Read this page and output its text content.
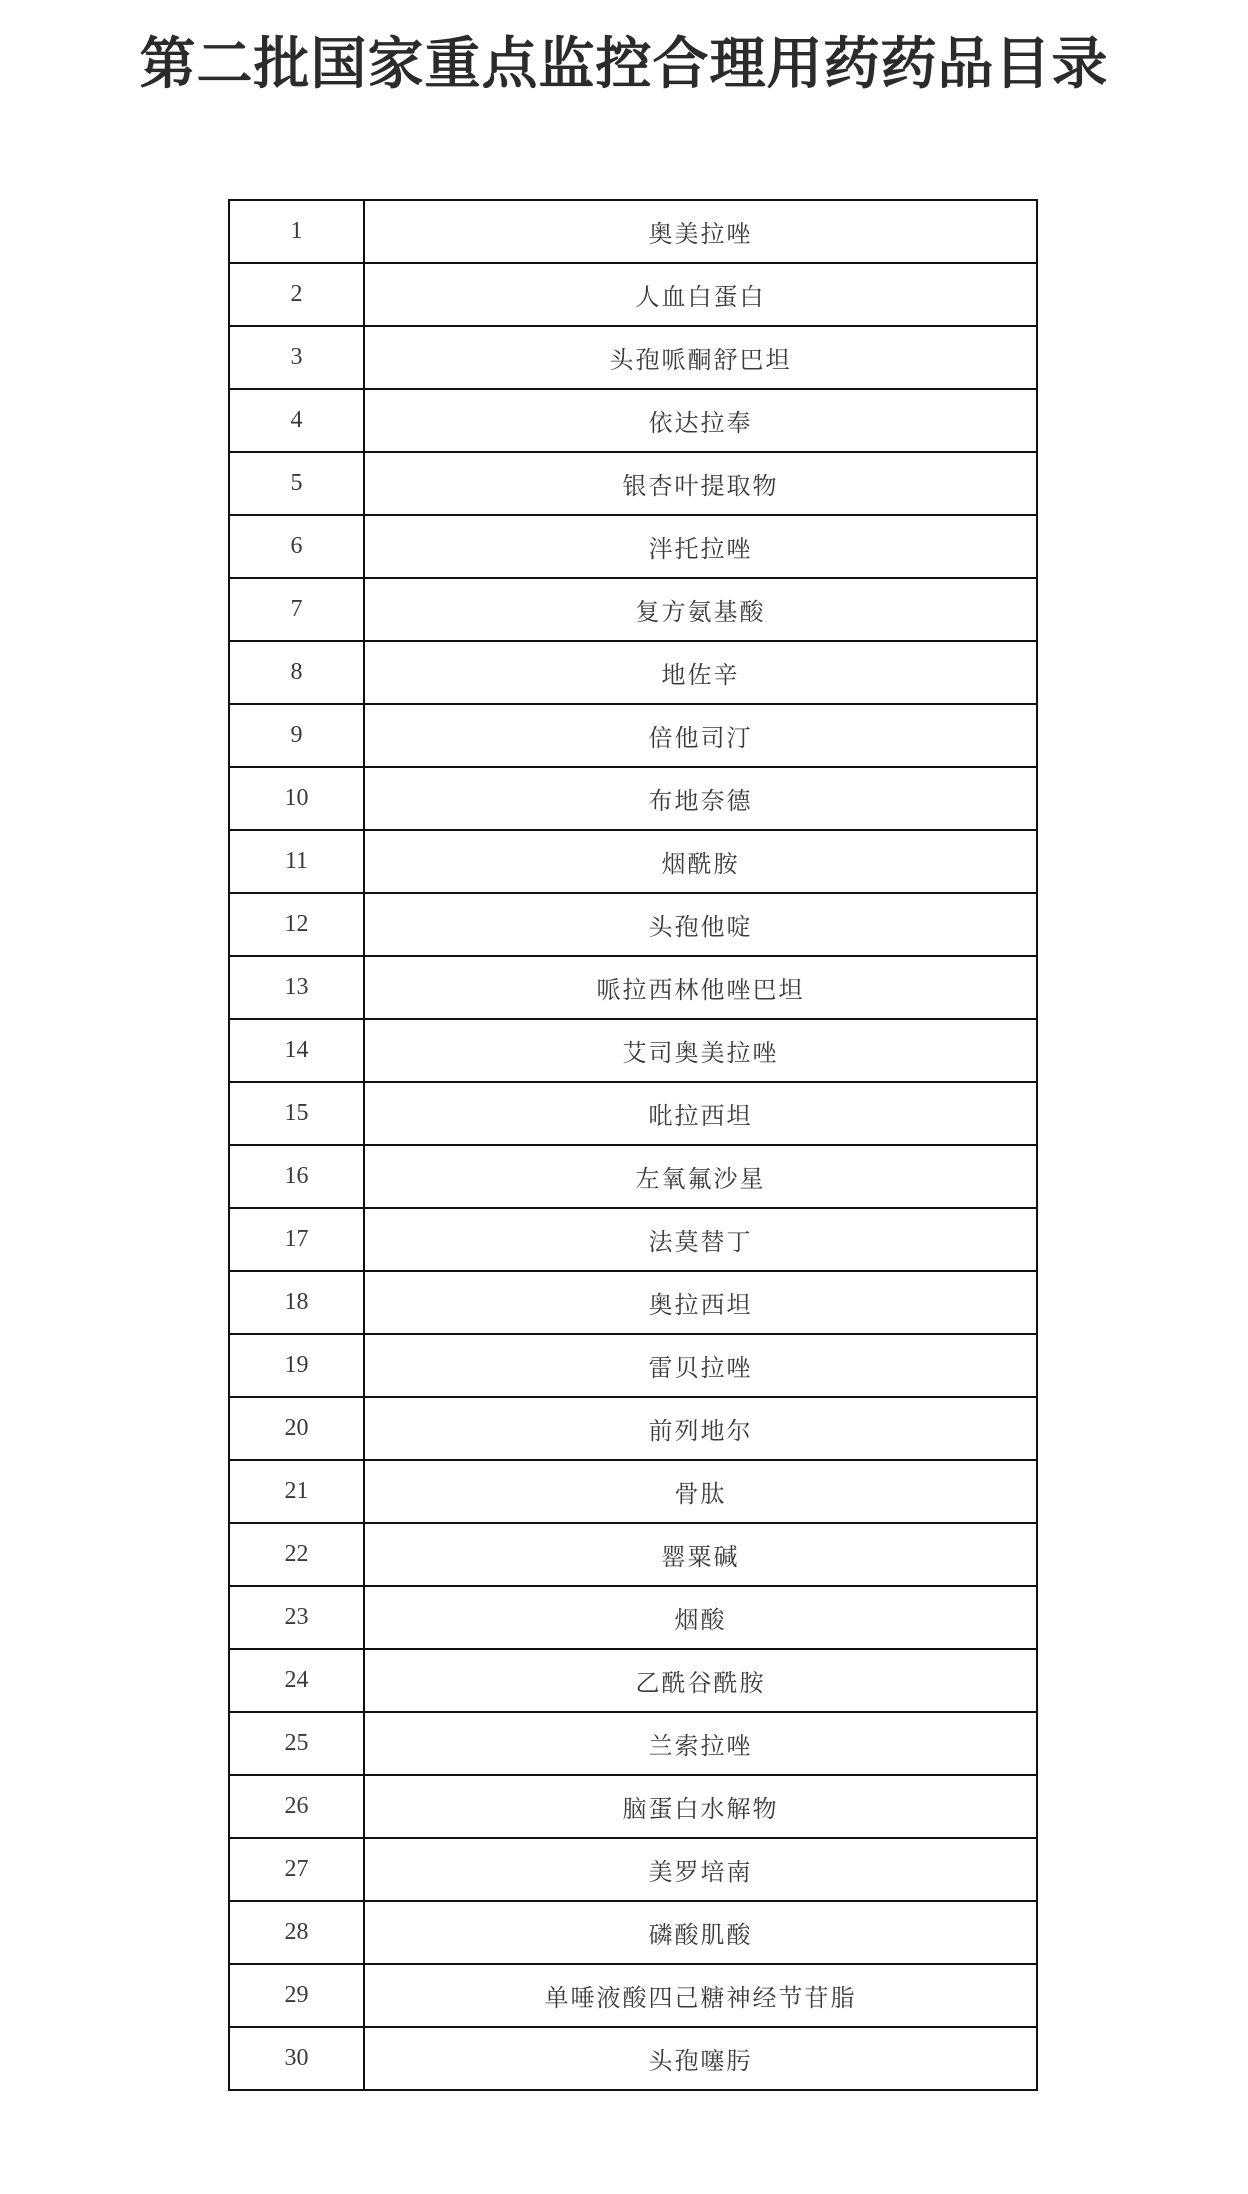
第二批国家重点监控合理用药药品目录
1	奥美拉唑
2	人血白蛋白
3	头孢哌酮舒巴坦
4	依达拉奉
5	银杏叶提取物
6	泮托拉唑
7	复方氨基酸
8	地佐辛
9	倍他司汀
10	布地奈德
11	烟酰胺
12	头孢他啶
13	哌拉西林他唑巴坦
14	艾司奥美拉唑
15	吡拉西坦
16	左氧氟沙星
17	法莫替丁
18	奥拉西坦
19	雷贝拉唑
20	前列地尔
21	骨肽
22	罂粟碱
23	烟酸
24	乙酰谷酰胺
25	兰索拉唑
26	脑蛋白水解物
27	美罗培南
28	磷酸肌酸
29	单唾液酸四己糖神经节苷脂
30	头孢噻肟
